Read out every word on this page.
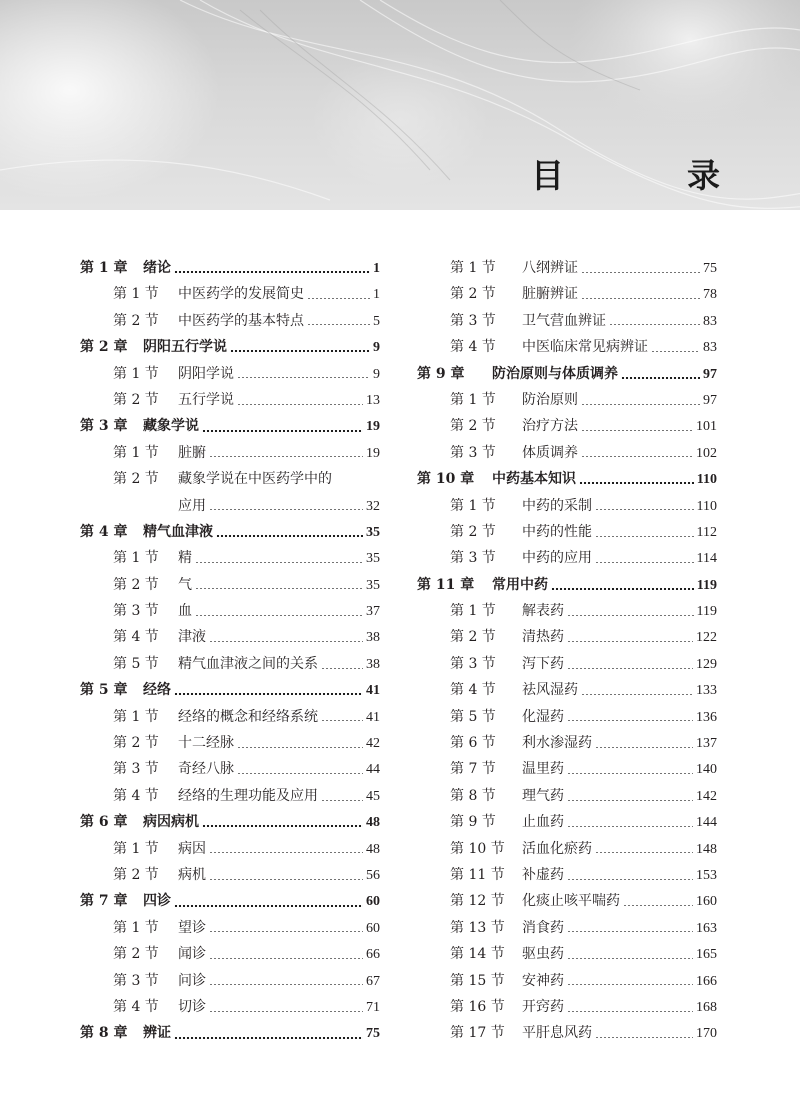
目　录
第 1 章	绪论	1
第 1 节	中医药学的发展简史	1
第 2 节	中医药学的基本特点	5
第 2 章	阴阳五行学说	9
第 1 节	阴阳学说	9
第 2 节	五行学说	13
第 3 章	藏象学说	19
第 1 节	脏腑	19
第 2 节	藏象学说在中医药学中的
应用	32
第 4 章	精气血津液	35
第 1 节	精	35
第 2 节	气	35
第 3 节	血	37
第 4 节	津液	38
第 5 节	精气血津液之间的关系	38
第 5 章	经络	41
第 1 节	经络的概念和经络系统	41
第 2 节	十二经脉	42
第 3 节	奇经八脉	44
第 4 节	经络的生理功能及应用	45
第 6 章	病因病机	48
第 1 节	病因	48
第 2 节	病机	56
第 7 章	四诊	60
第 1 节	望诊	60
第 2 节	闻诊	66
第 3 节	问诊	67
第 4 节	切诊	71
第 8 章	辨证	75
第 1 节	八纲辨证	75
第 2 节	脏腑辨证	78
第 3 节	卫气营血辨证	83
第 4 节	中医临床常见病辨证	83
第 9 章	防治原则与体质调养	97
第 1 节	防治原则	97
第 2 节	治疗方法	101
第 3 节	体质调养	102
第 10 章	中药基本知识	110
第 1 节	中药的采制	110
第 2 节	中药的性能	112
第 3 节	中药的应用	114
第 11 章	常用中药	119
第 1 节	解表药	119
第 2 节	清热药	122
第 3 节	泻下药	129
第 4 节	祛风湿药	133
第 5 节	化湿药	136
第 6 节	利水渗湿药	137
第 7 节	温里药	140
第 8 节	理气药	142
第 9 节	止血药	144
第 10 节	活血化瘀药	148
第 11 节	补虚药	153
第 12 节	化痰止咳平喘药	160
第 13 节	消食药	163
第 14 节	驱虫药	165
第 15 节	安神药	166
第 16 节	开窍药	168
第 17 节	平肝息风药	170
